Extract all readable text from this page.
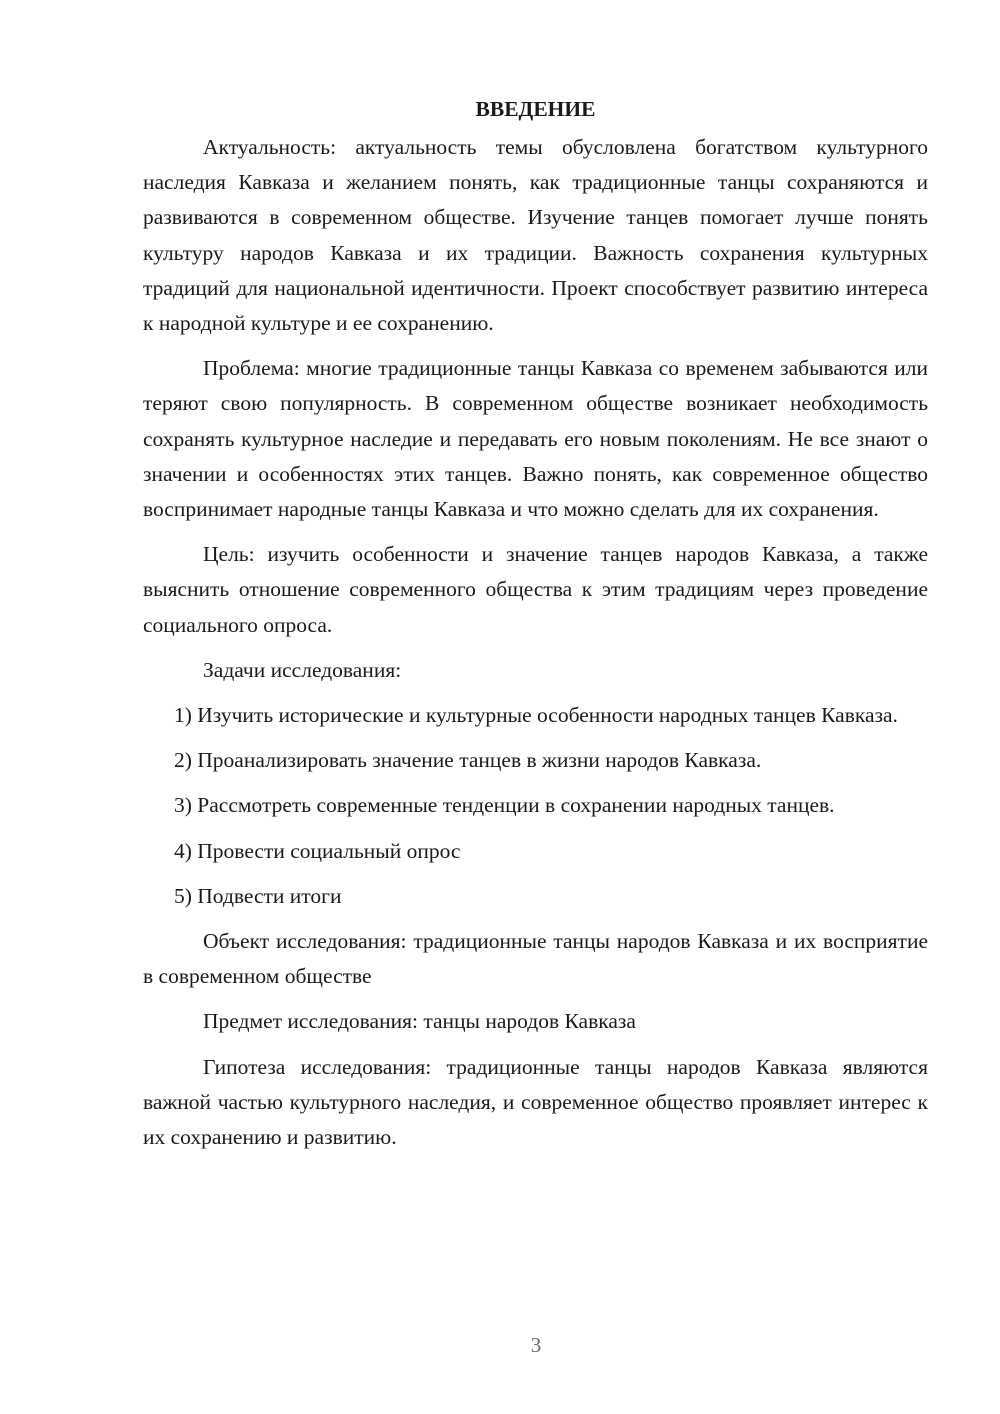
ВВЕДЕНИЕ

Актуальность: актуальность темы обусловлена богатством культурного наследия Кавказа и желанием понять, как традиционные танцы сохраняются и развиваются в современном обществе. Изучение танцев помогает лучше понять культуру народов Кавказа и их традиции. Важность сохранения культурных традиций для национальной идентичности. Проект способствует развитию интереса к народной культуре и ее сохранению.

Проблема: многие традиционные танцы Кавказа со временем забываются или теряют свою популярность. В современном обществе возникает необходимость сохранять культурное наследие и передавать его новым поколениям. Не все знают о значении и особенностях этих танцев. Важно понять, как современное общество воспринимает народные танцы Кавказа и что можно сделать для их сохранения.

Цель: изучить особенности и значение танцев народов Кавказа, а также выяснить отношение современного общества к этим традициям через проведение социального опроса.

Задачи исследования:

1) Изучить исторические и культурные особенности народных танцев Кавказа.

2) Проанализировать значение танцев в жизни народов Кавказа.

3) Рассмотреть современные тенденции в сохранении народных танцев.

4) Провести социальный опрос

5) Подвести итоги

Объект исследования: традиционные танцы народов Кавказа и их восприятие в современном обществе

Предмет исследования: танцы народов Кавказа

Гипотеза исследования: традиционные танцы народов Кавказа являются важной частью культурного наследия, и современное общество проявляет интерес к их сохранению и развитию.

3
